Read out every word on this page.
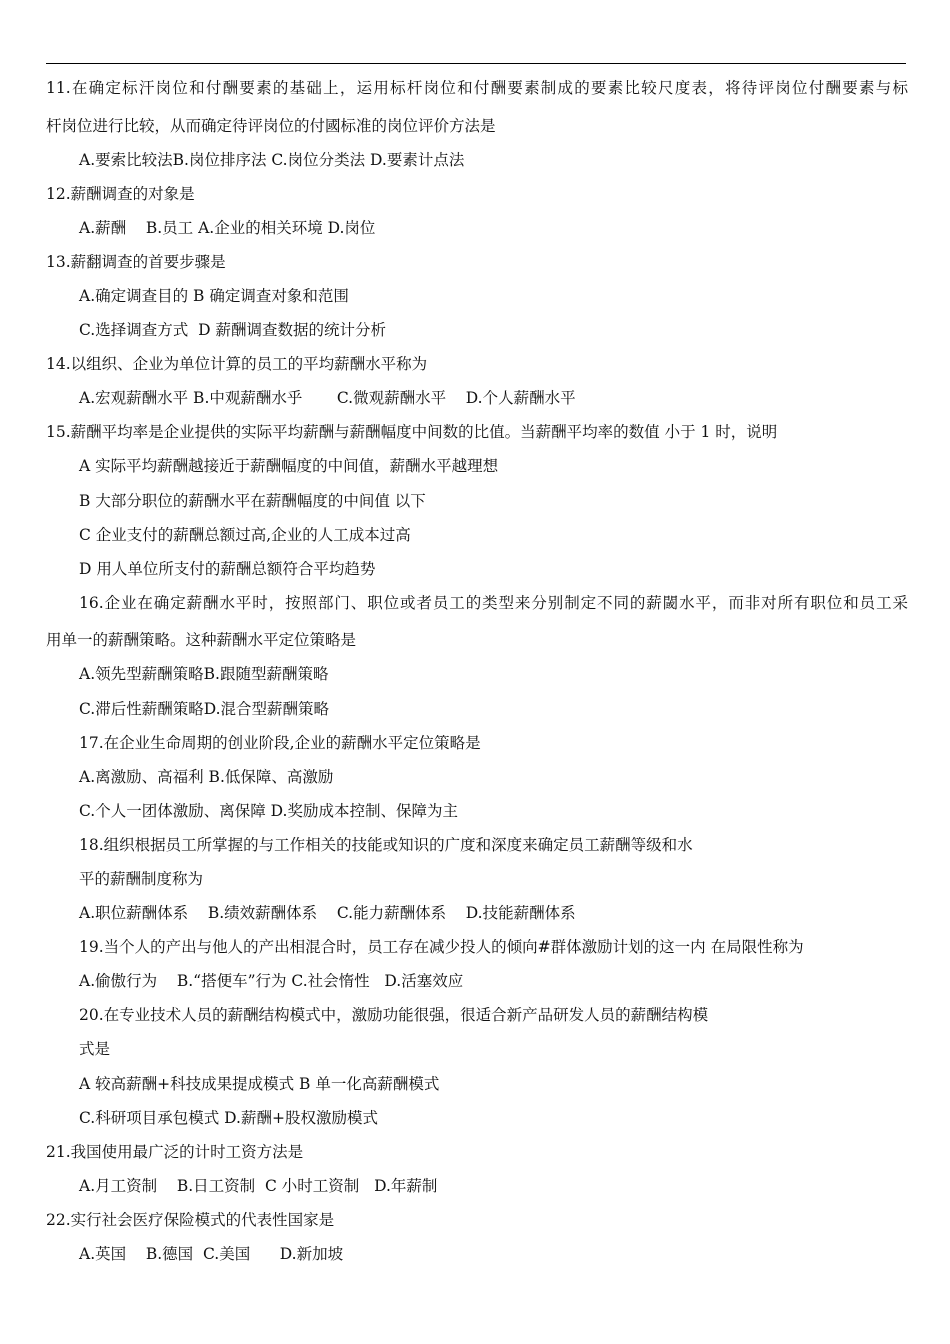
11.在确定标汗岗位和付酬要素的基础上，运用标杆岗位和付酬要素制成的要素比较尺度表，将待评岗位付酬要素与标
杆岗位进行比较，从而确定待评岗位的付國标准的岗位评价方法是
A.要索比较法B.岗位排序法 C.岗位分类法 D.要素计点法
12.薪酬调查的对象是
A.薪酬    B.员工 A.企业的相关环境 D.岗位
13.薪翻调查的首要步骤是
A.确定调查目的 B 确定调查对象和范围
C.选择调查方式  D 薪酬调查数据的统计分析
14.以组织、企业为单位计算的员工的平均薪酬水平称为
A.宏观薪酬水平 B.中观薪酬水乎       C.微观薪酬水平    D.个人薪酬水平
15.薪酬平均率是企业提供的实际平均薪酬与薪酬幅度中间数的比值。当薪酬平均率的数值 小于 1 时，说明
A 实际平均薪酬越接近于薪酬幅度的中间值，薪酬水平越理想
B 大部分职位的薪酬水平在薪酬幅度的中间值 以下
C 企业支付的薪酬总额过高,企业的人工成本过高
D 用人单位所支付的薪酬总额符合平均趋势
16.企业在确定薪酬水平时，按照部门、职位或者员工的类型来分别制定不同的薪閾水平，而非对所有职位和员工采
用单一的薪酬策略。这种薪酬水平定位策略是
A.领先型薪酬策略B.跟随型薪酬策略
C.滞后性薪酬策略D.混合型薪酬策略
17.在企业生命周期的创业阶段,企业的薪酬水平定位策略是
A.离激励、高福利 B.低保障、高激励
C.个人一团体激励、离保障 D.奖励成本控制、保障为主
18.组织根据员工所掌握的与工作相关的技能或知识的广度和深度来确定员工薪酬等级和水
平的薪酬制度称为
A.职位薪酬体系    B.绩效薪酬体系    C.能力薪酬体系    D.技能薪酬体系
19.当个人的产出与他人的产出相混合时，员工存在减少投人的倾向#群体激励计划的这一内 在局限性称为
A.偷傲行为    B.“搭便车”行为 C.社会惰性   D.活塞效应
20.在专业技术人员的薪酬结构模式中，激励功能很强，很适合新产品研发人员的薪酬结构模
式是
A 较高薪酬+科技成果提成模式 B 单一化高薪酬模式
C.科研项目承包模式 D.薪酬+股权激励模式
21.我国使用最广泛的计时工资方法是
A.月工资制    B.日工资制  C 小时工资制   D.年薪制
22.实行社会医疗保险模式的代表性国家是
A.英国    B.德国  C.美国      D.新加坡
